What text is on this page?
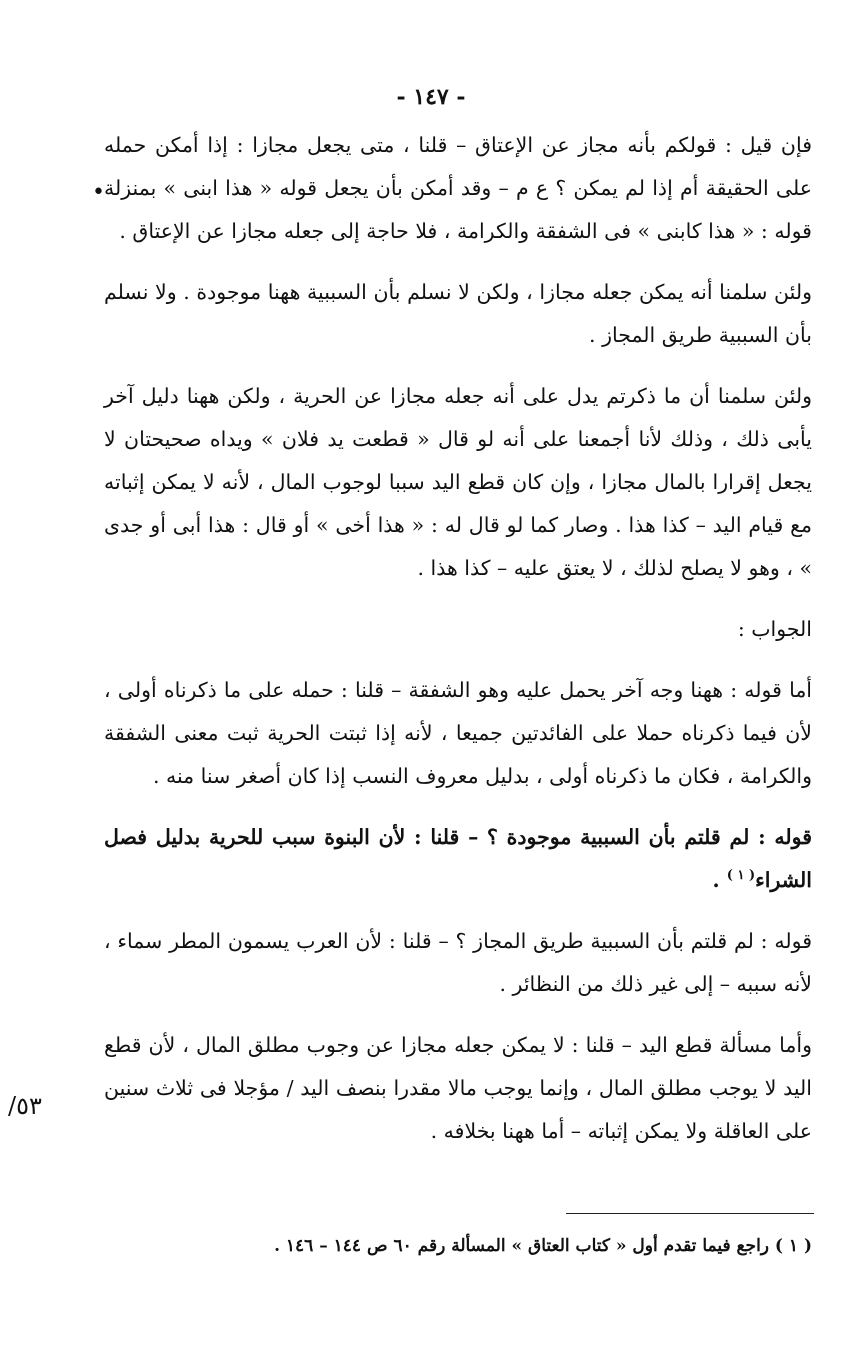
- ١٤٧ -
•

فإن قيل : قولكم بأنه مجاز عن الإعتاق – قلنا ، متى يجعل مجازا : إذا أمكن حمله على الحقيقة أم إذا لم يمكن ؟ ع م – وقد أمكن بأن يجعل قوله « هذا ابنى » بمنزلة قوله : « هذا كابنى » فى الشفقة والكرامة ، فلا حاجة إلى جعله مجازا عن الإعتاق .

ولئن سلمنا أنه يمكن جعله مجازا ، ولكن لا نسلم بأن السببية ههنا موجودة . ولا نسلم بأن السببية طريق المجاز .

ولئن سلمنا أن ما ذكرتم يدل على أنه جعله مجازا عن الحرية ، ولكن ههنا دليل آخر يأبى ذلك ، وذلك لأنا أجمعنا على أنه لو قال « قطعت يد فلان » ويداه صحيحتان لا يجعل إقرارا بالمال مجازا ، وإن كان قطع اليد سببا لوجوب المال ، لأنه لا يمكن إثباته مع قيام اليد – كذا هذا . وصار كما لو قال له : « هذا أخى » أو قال : هذا أبى أو جدى » ، وهو لا يصلح لذلك ، لا يعتق عليه – كذا هذا .

الجواب :

أما قوله : ههنا وجه آخر يحمل عليه وهو الشفقة – قلنا : حمله على ما ذكرناه أولى ، لأن فيما ذكرناه حملا على الفائدتين جميعا ، لأنه إذا ثبتت الحرية ثبت معنى الشفقة والكرامة ، فكان ما ذكرناه أولى ، بدليل معروف النسب إذا كان أصغر سنا منه .

قوله : لم قلتم بأن السببية موجودة ؟ – قلنا : لأن البنوة سبب للحرية بدليل فصل الشراء$^{( ١ )}$ .

قوله : لم قلتم بأن السببية طريق المجاز ؟ – قلنا : لأن العرب يسمون المطر سماء ، لأنه سببه – إلى غير ذلك من النظائر .

وأما مسألة قطع اليد – قلنا : لا يمكن جعله مجازا عن وجوب مطلق المال ، لأن قطع اليد لا يوجب مطلق المال ، وإنما يوجب مالا مقدرا بنصف اليد / مؤجلا فى ثلاث سنين على العاقلة ولا يمكن إثباته – أما ههنا بخلافه .

٥٣/
( ١ ) راجع فيما تقدم أول « كتاب العتاق » المسألة رقم ٦٠ ص ١٤٤ – ١٤٦ .
